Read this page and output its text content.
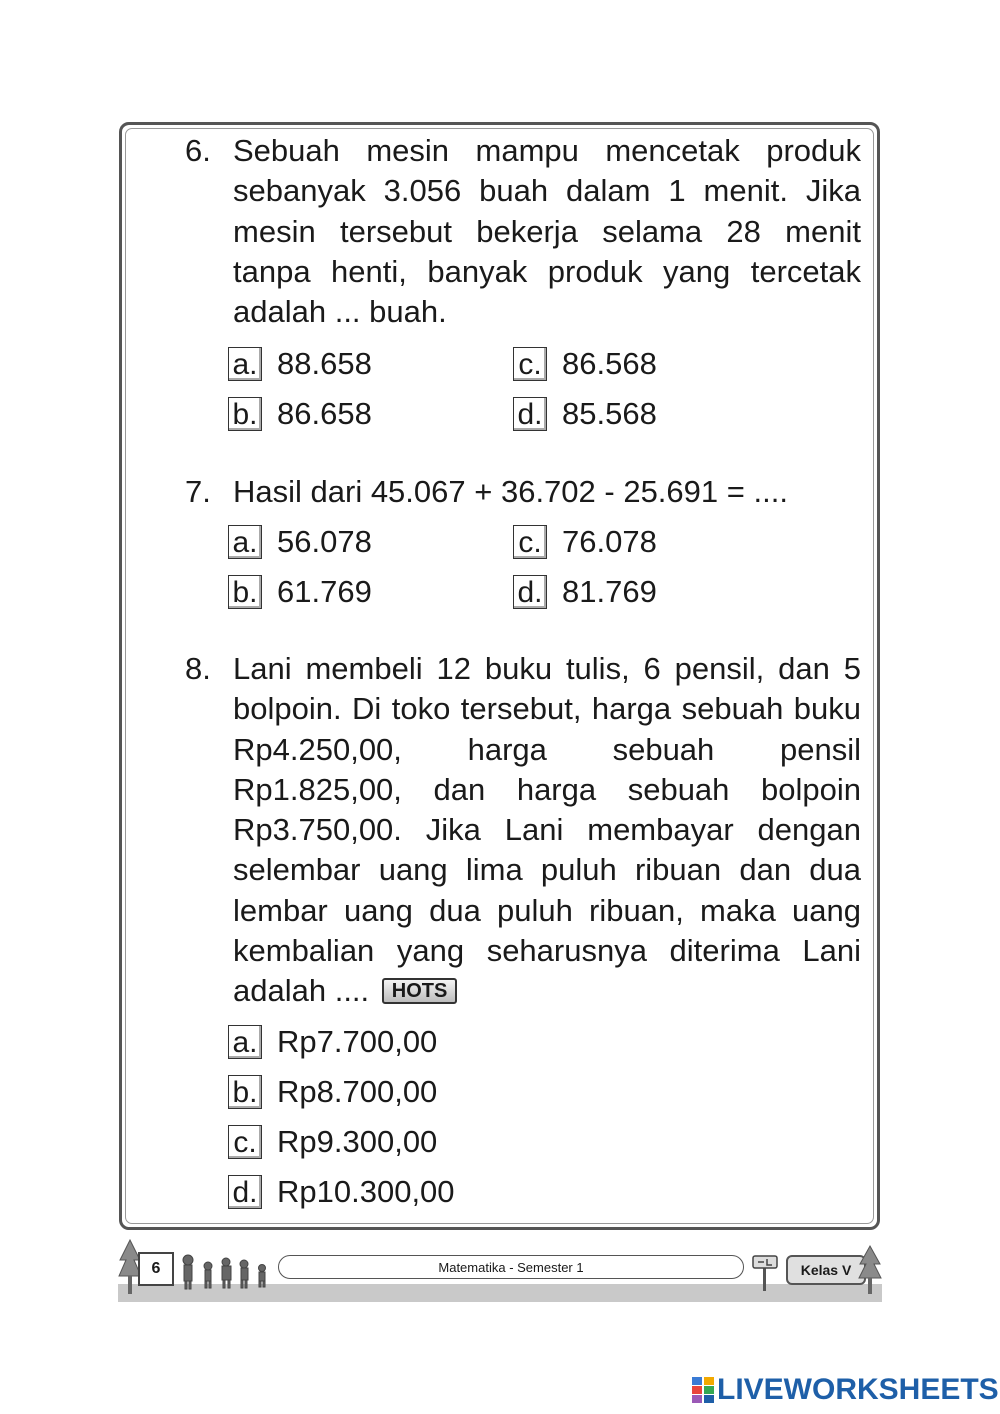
6. Sebuah mesin mampu mencetak produk sebanyak 3.056 buah dalam 1 menit. Jika mesin tersebut bekerja selama 28 menit tanpa henti, banyak produk yang tercetak adalah ... buah.
a. 88.658
b. 86.658
c. 86.568
d. 85.568
7. Hasil dari 45.067 + 36.702 - 25.691 = ....
a. 56.078
b. 61.769
c. 76.078
d. 81.769
8. Lani membeli 12 buku tulis, 6 pensil, dan 5 bolpoin. Di toko tersebut, harga sebuah buku Rp4.250,00, harga sebuah pensil Rp1.825,00, dan harga sebuah bolpoin Rp3.750,00. Jika Lani membayar dengan selembar uang lima puluh ribuan dan dua lembar uang dua puluh ribuan, maka uang kembalian yang seharusnya diterima Lani adalah .... HOTS
a. Rp7.700,00
b. Rp8.700,00
c. Rp9.300,00
d. Rp10.300,00
6	Matematika - Semester 1	Kelas V
LIVEWORKSHEETS
